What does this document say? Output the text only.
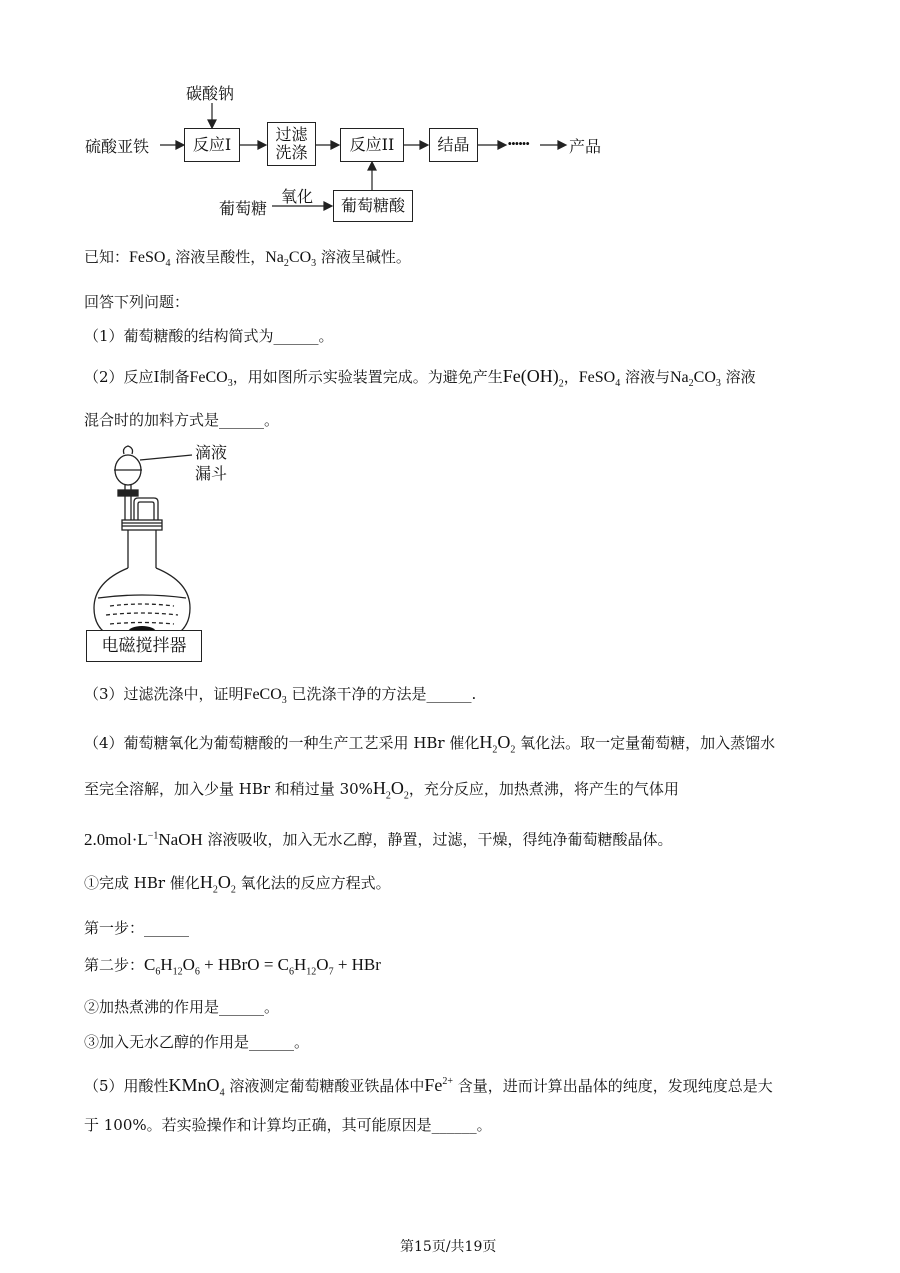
硫酸亚铁
碳酸钠
反应I
过滤
洗涤	反应II	结晶	······	产品
葡萄糖
氧化	葡萄糖酸
已知：FeSO$_4$ 溶液呈酸性，$Na_2CO_3$ 溶液呈碱性。
回答下列问题：
（1）葡萄糖酸的结构简式为______。
（2）反应I制备FeCO$_3$，用如图所示实验装置完成。为避免产生$Fe(OH)_2$，FeSO$_4$ 溶液与$Na_2CO_3$ 溶液
混合时的加料方式是______。
滴液
漏斗
电磁搅拌器
（3）过滤洗涤中，证明FeCO$_3$ 已洗涤干净的方法是______.
（4）葡萄糖氧化为葡萄糖酸的一种生产工艺采用 HBr 催化$H_2O_2$ 氧化法。取一定量葡萄糖，加入蒸馏水
至完全溶解，加入少量 HBr 和稍过量 $30\%H_2O_2$，充分反应，加热煮沸，将产生的气体用
$2.0mol\cdot L^{-1}NaOH$ 溶液吸收，加入无水乙醇，静置，过滤，干燥，得纯净葡萄糖酸晶体。
①完成 HBr 催化$H_2O_2$ 氧化法的反应方程式。
第一步：______
第二步：$C_6H_{12}O_6$ + HBrO = $C_6H_{12}O_7$ + HBr
②加热煮沸的作用是______。
③加入无水乙醇的作用是______。
（5）用酸性KMnO$_4$ 溶液测定葡萄糖酸亚铁晶体中$Fe^{2+}$ 含量，进而计算出晶体的纯度，发现纯度总是大
于 100%。若实验操作和计算均正确，其可能原因是______。
第15页/共19页
